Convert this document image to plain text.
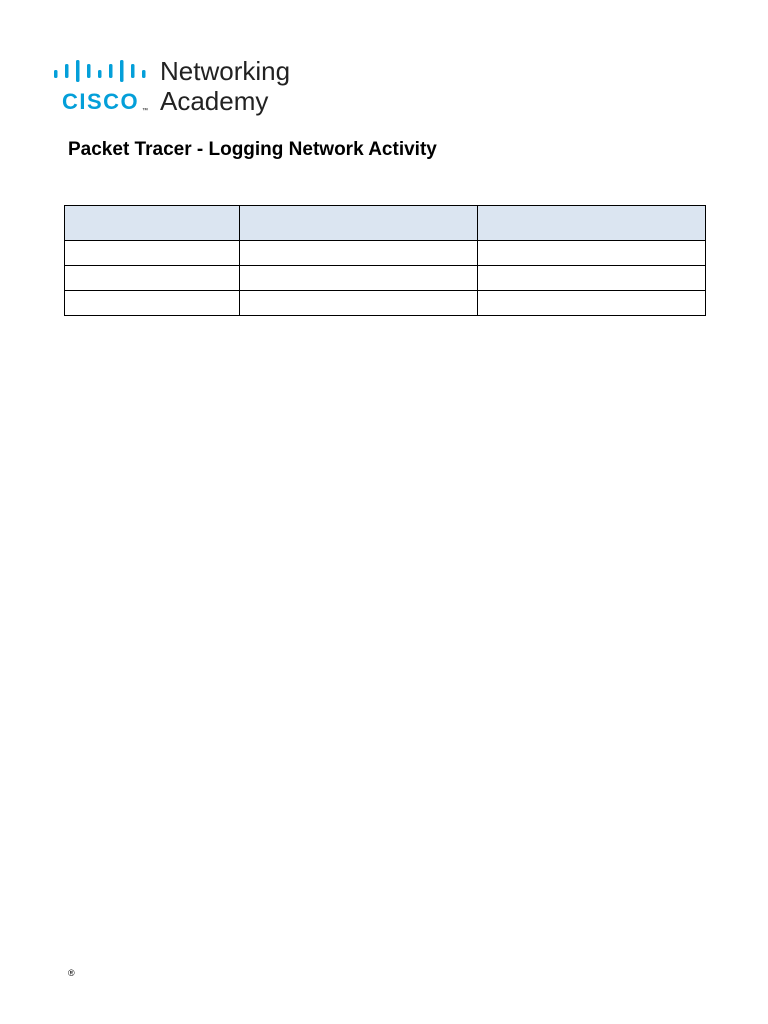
CISCO ™
Networking
Academy
Packet Tracer - Logging Network Activity

®
